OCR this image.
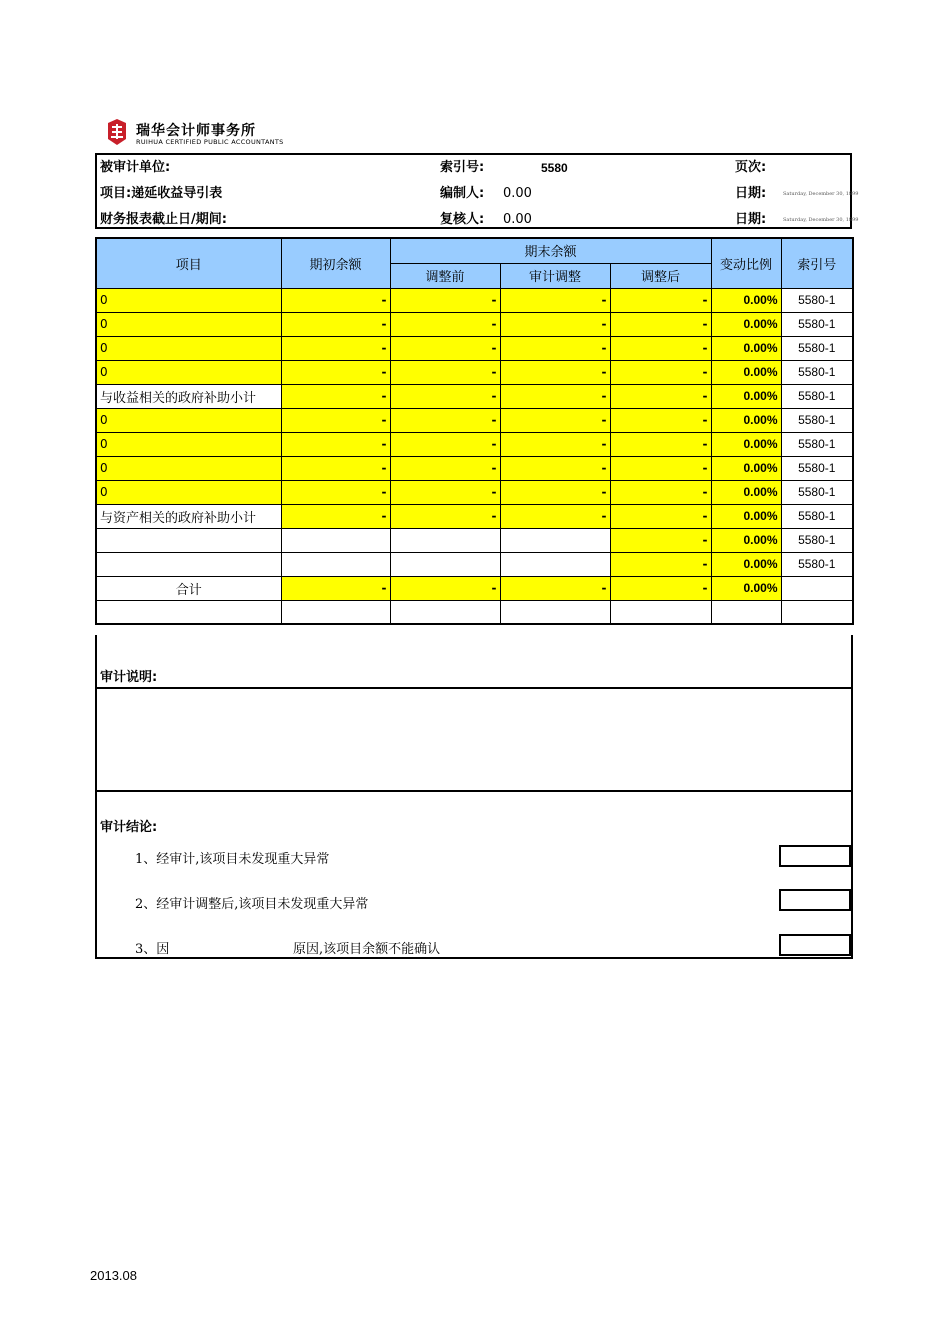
瑞华会计师事务所
RUIHUA CERTIFIED PUBLIC ACCOUNTANTS
被审计单位:
项目:递延收益导引表
财务报表截止日/期间:
索引号:	5580
编制人: 0.00
复核人: 0.00
页次:
日期:	Saturday, December 30, 1899
日期:	Saturday, December 30, 1899
项目	期初余额	期末余额			变动比例	索引号
		调整前	审计调整	调整后		
0	-	-	-	-	0.00%	5580-1
0	-	-	-	-	0.00%	5580-1
0	-	-	-	-	0.00%	5580-1
0	-	-	-	-	0.00%	5580-1
与收益相关的政府补助小计	-	-	-	-	0.00%	5580-1
0	-	-	-	-	0.00%	5580-1
0	-	-	-	-	0.00%	5580-1
0	-	-	-	-	0.00%	5580-1
0	-	-	-	-	0.00%	5580-1
与资产相关的政府补助小计	-	-	-	-	0.00%	5580-1
				-	0.00%	5580-1
				-	0.00%	5580-1
合计	-	-	-	-	0.00%	

审计说明:
审计结论:
1、经审计,该项目未发现重大异常
2、经审计调整后,该项目未发现重大异常
3、因	原因,该项目余额不能确认
2013.08
